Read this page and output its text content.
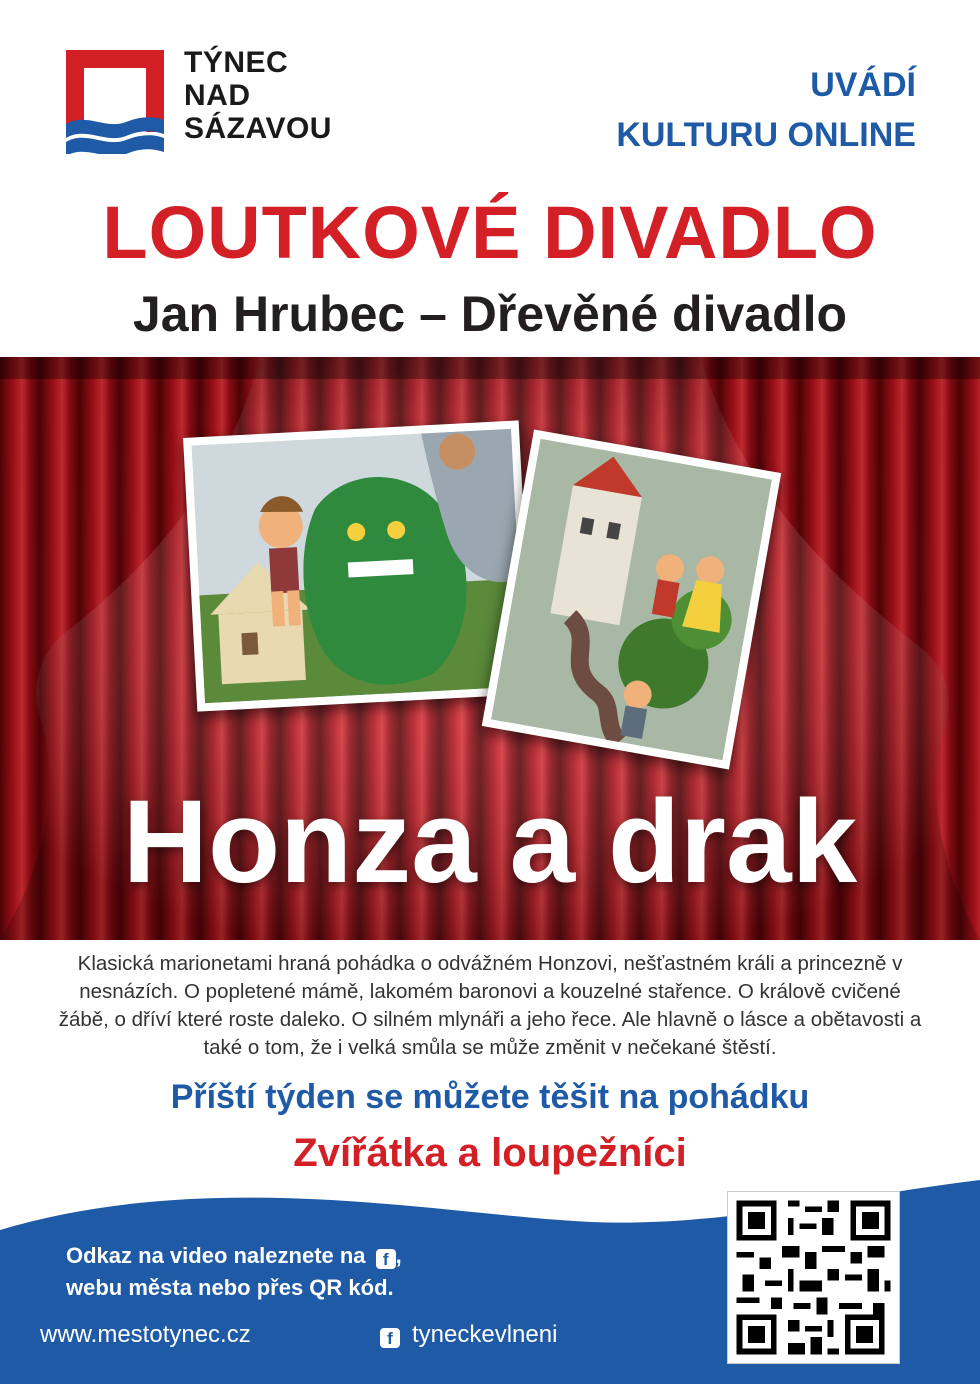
TÝNEC
NAD
SÁZAVOU
UVÁDÍ
KULTURU ONLINE
LOUTKOVÉ DIVADLO
Jan Hrubec – Dřevěné divadlo
Honza a drak
Klasická marionetami hraná pohádka o odvážném Honzovi, nešťastném králi a princezně v nesnázích. O popletené mámě, lakomém baronovi a kouzelné stařence. O králově cvičené žábě, o dříví které roste daleko. O silném mlynáři a jeho řece. Ale hlavně o lásce a obětavosti a také o tom, že i velká smůla se může změnit v nečekané štěstí.
Příští týden se můžete těšit na pohádku
Zvířátka a loupežníci
Odkaz na video naleznete na f ,
webu města nebo přes QR kód.
www.mestotynec.cz	f tyneckevlneni
